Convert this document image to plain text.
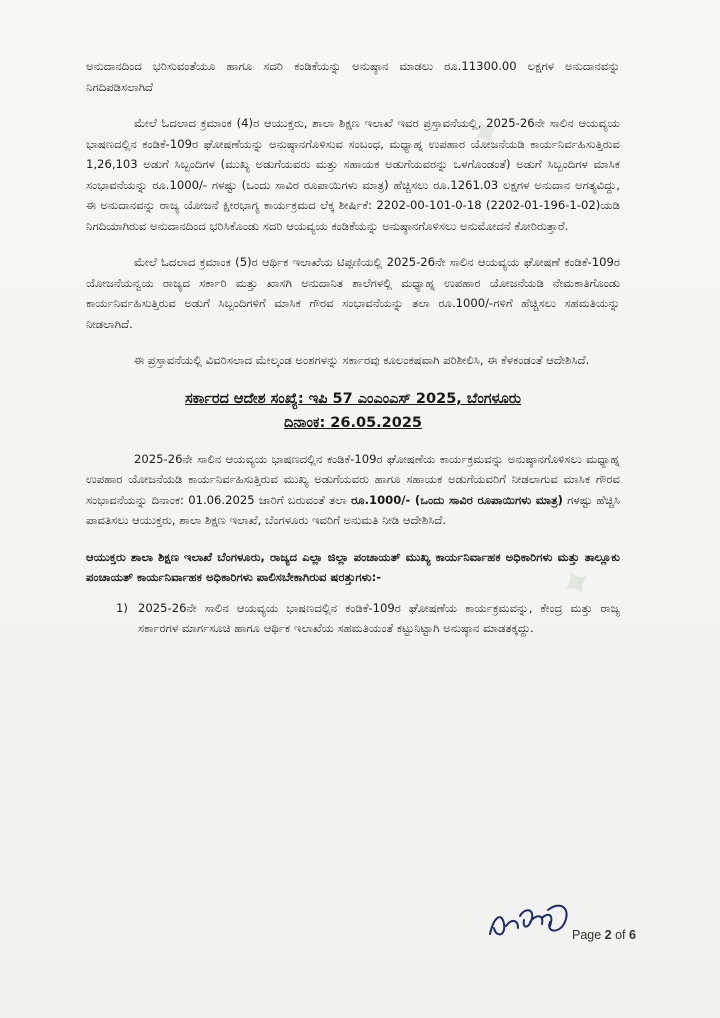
✦
✦

ಅನುದಾನದಿಂದ ಭರಿಸುವಂತೆಯೂ ಹಾಗೂ ಸದರಿ ಕಂಡಿಕೆಯನ್ನು ಅನುಷ್ಠಾನ ಮಾಡಲು ರೂ.11300.00 ಲಕ್ಷಗಳ ಅನುದಾನವನ್ನು ನಿಗದಿಪಡಿಸಲಾಗಿದೆ

ಮೇಲೆ ಓದಲಾದ ಕ್ರಮಾಂಕ (4)ರ ಆಯುಕ್ತರು, ಶಾಲಾ ಶಿಕ್ಷಣ ಇಲಾಖೆ ಇವರ ಪ್ರಸ್ತಾವನೆಯಲ್ಲಿ, 2025-26ನೇ ಸಾಲಿನ ಆಯವ್ಯಯ ಭಾಷಣದಲ್ಲಿನ ಕಂಡಿಕೆ-109ರ ಘೋಷಣೆಯನ್ನು ಅನುಷ್ಠಾನಗೊಳಿಸುವ ಸಂಬಂಧ, ಮಧ್ಯಾಹ್ನ ಉಪಹಾರ ಯೋಜನೆಯಡಿ ಕಾರ್ಯನಿರ್ವಹಿಸುತ್ತಿರುವ 1,26,103 ಅಡುಗೆ ಸಿಬ್ಬಂದಿಗಳ (ಮುಖ್ಯ ಅಡುಗೆಯವರು ಮತ್ತು ಸಹಾಯಕ ಅಡುಗೆಯವರನ್ನು ಒಳಗೊಂಡಂತೆ) ಅಡುಗೆ ಸಿಬ್ಬಂದಿಗಳ ಮಾಸಿಕ ಸಂಭಾವನೆಯನ್ನು ರೂ.1000/- ಗಳಷ್ಟು (ಒಂದು ಸಾವಿರ ರೂಪಾಯಿಗಳು ಮಾತ್ರ) ಹೆಚ್ಚಿಸಲು ರೂ.1261.03 ಲಕ್ಷಗಳ ಅನುದಾನ ಅಗತ್ಯವಿದ್ದು, ಈ ಅನುದಾನವನ್ನು ರಾಜ್ಯ ಯೋಜನೆ ಕ್ಷೀರಭಾಗ್ಯ ಕಾರ್ಯಕ್ರಮದ ಲೆಕ್ಕ ಶೀರ್ಷಿಕೆ: 2202-00-101-0-18 (2202-01-196-1-02)ಯಡಿ ನಿಗದಿಯಾಗಿರುವ ಅನುದಾನದಿಂದ ಭರಿಸಿಕೊಂಡು ಸದರಿ ಆಯವ್ಯಯ ಕಂಡಿಕೆಯನ್ನು ಅನುಷ್ಠಾನಗೊಳಿಸಲು ಅನುಮೋದನೆ ಕೋರಿರುತ್ತಾರೆ.

ಮೇಲೆ ಓದಲಾದ ಕ್ರಮಾಂಕ (5)ರ ಆರ್ಥಿಕ ಇಲಾಖೆಯ ಟಿಪ್ಪಣಿಯಲ್ಲಿ 2025-26ನೇ ಸಾಲಿನ ಆಯವ್ಯಯ ಘೋಷಣೆ ಕಂಡಿಕೆ-109ರ ಯೋಜನೆಯನ್ವಯ ರಾಜ್ಯದ ಸರ್ಕಾರಿ ಮತ್ತು ಖಾಸಗಿ ಅನುದಾನಿತ ಶಾಲೆಗಳಲ್ಲಿ ಮಧ್ಯಾಹ್ನ ಉಪಹಾರ ಯೋಜನೆಯಡಿ ನೇಮಕಾತಿಗೊಂಡು ಕಾರ್ಯನಿರ್ವಹಿಸುತ್ತಿರುವ ಅಡುಗೆ ಸಿಬ್ಬಂದಿಗಳಿಗೆ ಮಾಸಿಕ ಗೌರವ ಸಂಭಾವನೆಯನ್ನು ತಲಾ ರೂ.1000/-ಗಳಿಗೆ ಹೆಚ್ಚಿಸಲು ಸಹಮತಿಯನ್ನು ನೀಡಲಾಗಿದೆ.

ಈ ಪ್ರಸ್ತಾವನೆಯಲ್ಲಿ ವಿವರಿಸಲಾದ ಮೇಲ್ಕಂಡ ಅಂಶಗಳನ್ನು ಸರ್ಕಾರವು ಕೂಲಂಕಷವಾಗಿ ಪರಿಶೀಲಿಸಿ, ಈ ಕೆಳಕಂಡಂತೆ ಆದೇಶಿಸಿದೆ.

ಸರ್ಕಾರದ ಆದೇಶ ಸಂಖ್ಯೆ: ಇಪಿ 57 ಎಂಎಂಎಸ್ 2025, ಬೆಂಗಳೂರು
ದಿನಾಂಕ: 26.05.2025

2025-26ನೇ ಸಾಲಿನ ಆಯವ್ಯಯ ಭಾಷಣದಲ್ಲಿನ ಕಂಡಿಕೆ-109ರ ಘೋಷಣೆಯ ಕಾರ್ಯಕ್ರಮವನ್ನು ಅನುಷ್ಠಾನಗೊಳಿಸಲು ಮಧ್ಯಾಹ್ನ ಉಪಹಾರ ಯೋಜನೆಯಡಿ ಕಾರ್ಯನಿರ್ವಹಿಸುತ್ತಿರುವ ಮುಖ್ಯ ಅಡುಗೆಯವರು ಹಾಗೂ ಸಹಾಯಕ ಅಡುಗೆಯವರಿಗೆ ನೀಡಲಾಗುವ ಮಾಸಿಕ ಗೌರವ ಸಂಭಾವನೆಯನ್ನು ದಿನಾಂಕ: 01.06.2025 ಜಾರಿಗೆ ಬರುವಂತೆ ತಲಾ ರೂ.1000/- (ಒಂದು ಸಾವಿರ ರೂಪಾಯಿಗಳು ಮಾತ್ರ) ಗಳಷ್ಟು ಹೆಚ್ಚಿಸಿ ಪಾವತಿಸಲು ಆಯುಕ್ತರು, ಶಾಲಾ ಶಿಕ್ಷಣ ಇಲಾಖೆ, ಬೆಂಗಳೂರು ಇವರಿಗೆ ಅನುಮತಿ ನೀಡಿ ಆದೇಶಿಸಿದೆ.

ಆಯುಕ್ತರು ಶಾಲಾ ಶಿಕ್ಷಣ ಇಲಾಖೆ ಬೆಂಗಳೂರು, ರಾಜ್ಯದ ಎಲ್ಲಾ ಜಿಲ್ಲಾ ಪಂಚಾಯತ್ ಮುಖ್ಯ ಕಾರ್ಯನಿರ್ವಾಹಕ ಅಧಿಕಾರಿಗಳು ಮತ್ತು ತಾಲ್ಲೂಕು ಪಂಚಾಯತ್ ಕಾರ್ಯನಿರ್ವಾಹಕ ಅಧಿಕಾರಿಗಳು ಪಾಲಿಸಬೇಕಾಗಿರುವ ಷರತ್ತುಗಳು:-

1) 2025-26ನೇ ಸಾಲಿನ ಆಯವ್ಯಯ ಭಾಷಣದಲ್ಲಿನ ಕಂಡಿಕೆ-109ರ ಘೋಷಣೆಯ ಕಾರ್ಯಕ್ರಮವನ್ನು, ಕೇಂದ್ರ ಮತ್ತು ರಾಜ್ಯ ಸರ್ಕಾರಗಳ ಮಾರ್ಗಸೂಚಿ ಹಾಗೂ ಆರ್ಥಿಕ ಇಲಾಖೆಯ ಸಹಮತಿಯಂತೆ ಕಟ್ಟುನಿಟ್ಟಾಗಿ ಅನುಷ್ಠಾನ ಮಾಡತಕ್ಕದ್ದು.
Page 2 of 6
